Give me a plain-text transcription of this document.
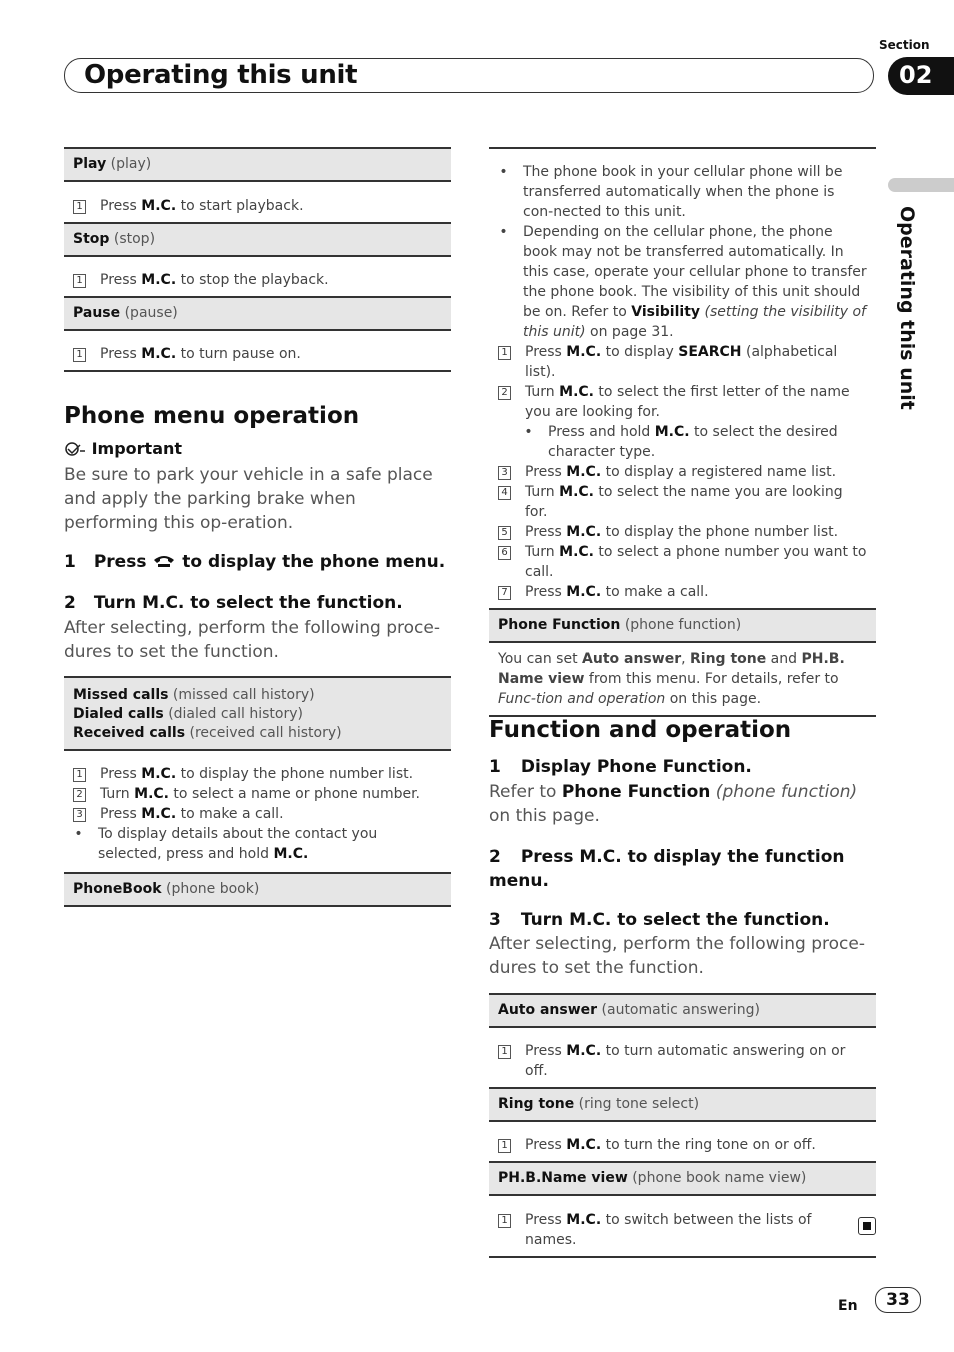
Section
Operating this unit	02
Operating this unit
Play (play)
1 Press M.C. to start playback.
Stop (stop)
1 Press M.C. to stop the playback.
Pause (pause)
1 Press M.C. to turn pause on.
Phone menu operation
Important
Be sure to park your vehicle in a safe place and apply the parking brake when performing this op-eration.
1 Press  to display the phone menu.
2 Turn M.C. to select the function.
After selecting, perform the following proce-dures to set the function.
Missed calls (missed call history)
Dialed calls (dialed call history)
Received calls (received call history)
1 Press M.C. to display the phone number list.
2 Turn M.C. to select a name or phone number.
3 Press M.C. to make a call.
• To display details about the contact you selected, press and hold M.C.
PhoneBook (phone book)
• The phone book in your cellular phone will be transferred automatically when the phone is con-nected to this unit.
• Depending on the cellular phone, the phone book may not be transferred automatically. In this case, operate your cellular phone to transfer the phone book. The visibility of this unit should be on. Refer to Visibility (setting the visibility of this unit) on page 31.
1 Press M.C. to display SEARCH (alphabetical list).
2 Turn M.C. to select the first letter of the name you are looking for.
• Press and hold M.C. to select the desired character type.
3 Press M.C. to display a registered name list.
4 Turn M.C. to select the name you are looking for.
5 Press M.C. to display the phone number list.
6 Turn M.C. to select a phone number you want to call.
7 Press M.C. to make a call.
Phone Function (phone function)
You can set Auto answer, Ring tone and PH.B. Name view from this menu. For details, refer to Func-tion and operation on this page.
Function and operation
1 Display Phone Function.
Refer to Phone Function (phone function) on this page.
2 Press M.C. to display the function menu.
3 Turn M.C. to select the function.
After selecting, perform the following proce-dures to set the function.
Auto answer (automatic answering)
1 Press M.C. to turn automatic answering on or off.
Ring tone (ring tone select)
1 Press M.C. to turn the ring tone on or off.
PH.B.Name view (phone book name view)
1 Press M.C. to switch between the lists of names.
En	33
